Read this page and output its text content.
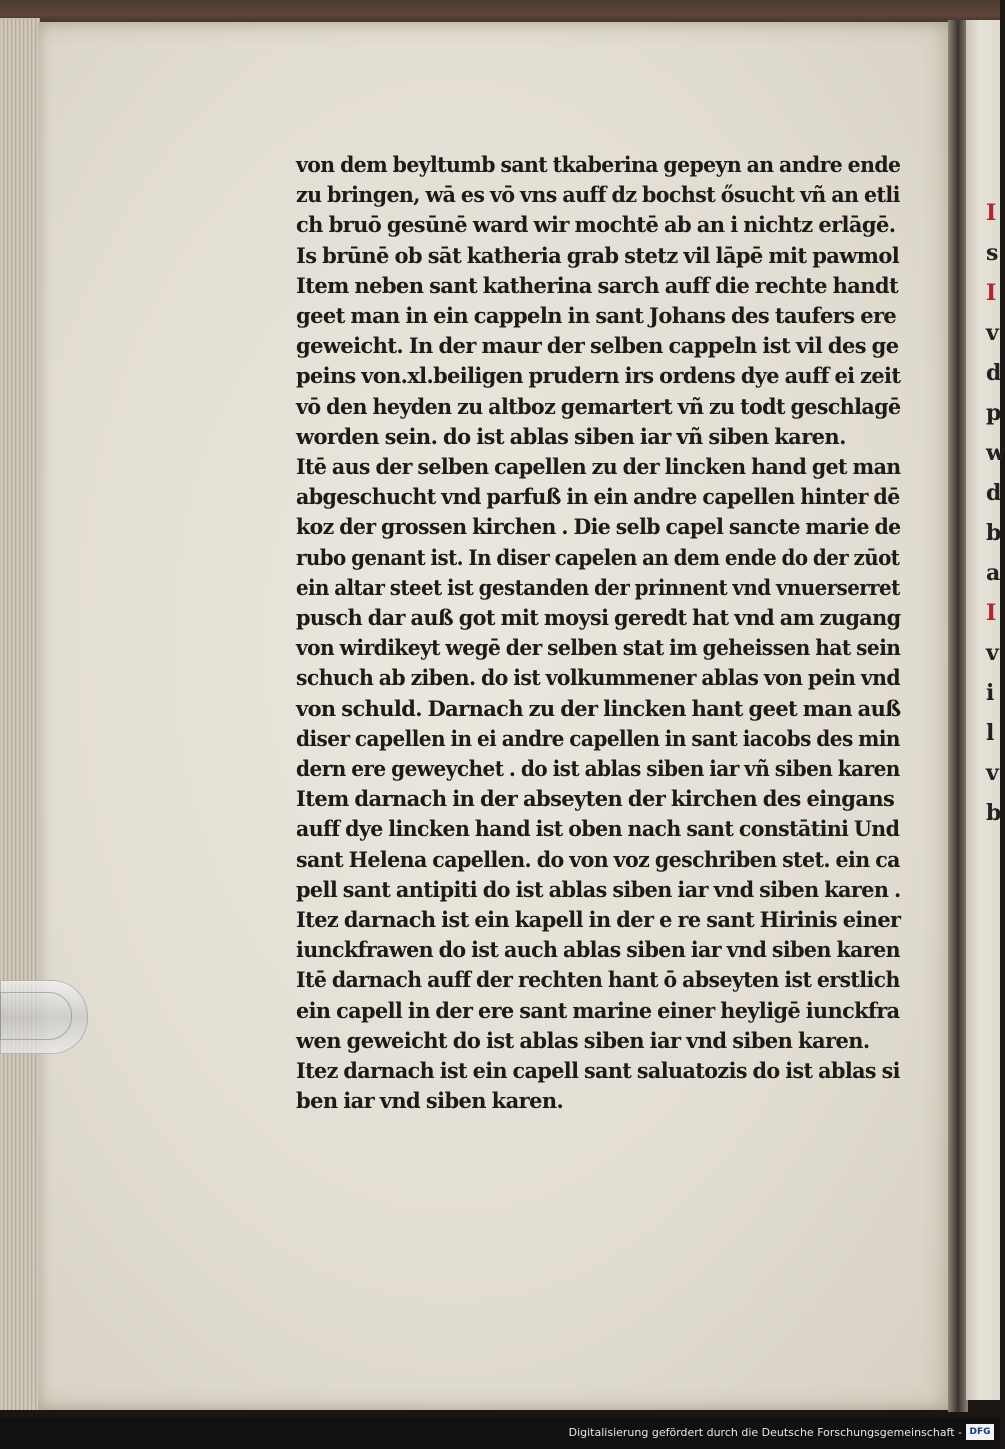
I
s
I
v
d
p
w
d
b
a
I
v
i
l
v
b
von dem beyltumb sant tkaberina gepeyn an andre ende
zu bringen, wā es vō vns auff dz bochst ősucht vñ an etli
ch bruō gesūnē ward wir mochtē ab an i nichtz erlāgē.
Is brūnē ob sāt katheria grab stetz vil lāpē mit pawmol
Item neben sant katherina sarch auff die rechte handt
geet man in ein cappeln in sant Johans des taufers ere
geweicht. In der maur der selben cappeln ist vil des ge
peins von.xl.beiligen prudern irs ordens dye auff ei zeit
vō den heyden zu altboz gemartert vñ zu todt geschlagē
worden sein. do ist ablas siben iar vñ siben karen.
Itē aus der selben capellen zu der lincken hand get man
abgeschucht vnd parfuß in ein andre capellen hinter dē
koz der grossen kirchen . Die selb capel sancte marie de
rubo genant ist. In diser capelen an dem ende do der zūot
ein altar steet ist gestanden der prinnent vnd vnuerserret
pusch dar auß got mit moysi geredt hat vnd am zugang
von wirdikeyt wegē der selben stat im geheissen hat sein
schuch ab ziben. do ist volkummener ablas von pein vnd
von schuld. Darnach zu der lincken hant geet man auß
diser capellen in ei andre capellen in sant iacobs des min
dern ere geweychet . do ist ablas siben iar vñ siben karen
Item darnach in der abseyten der kirchen des eingans
auff dye lincken hand ist oben nach sant constātini Und
sant Helena capellen. do von voz geschriben stet. ein ca
pell sant antipiti do ist ablas siben iar vnd siben karen .
Itez darnach ist ein kapell in der e re sant Hirinis einer
iunckfrawen do ist auch ablas siben iar vnd siben karen
Itē darnach auff der rechten hant ō abseyten ist erstlich
ein capell in der ere sant marine einer heyligē iunckfra
wen geweicht do ist ablas siben iar vnd siben karen.
Itez darnach ist ein capell sant saluatozis do ist ablas si
ben iar vnd siben karen.
Digitalisierung gefördert durch die Deutsche Forschungsgemeinschaft - DFG
